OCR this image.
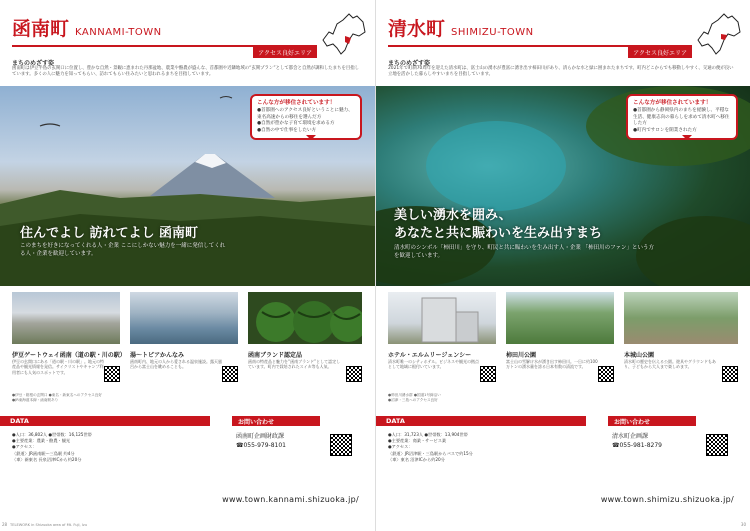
函南町 KANNAMI-TOWN
アクセス良好エリア
まちのめざす姿
函南町は伊豆半島の玄関口に位置し、豊かな自然・景観に恵まれた丹那盆地、農業や酪農が盛んな、首都圏や近隣地域の“玄関プラン”として都会と自然が調和したまちを目指しています。多くの人に魅力を知ってもらい、訪れてもらい住みたいと思われるまちを目指しています。
住んでよし 訪れてよし 函南町
このまちを好きになってくれる人・企業 ここにしかない魅力を一緒に発信してくれる人・企業を歓迎しています。
こんな方が移住されています！
●首都圏へのアクセス良好ということに魅力、東名高速からの移住を選んだ方
●自然が豊かな子育て環境を求める方
●自然の中で仕事をしたい方
伊豆ゲートウェイ函南（道の駅・川の駅）
伊豆の玄関口にある「道の駅・川の駅」。地元の特産品や観光情報を発信。サイクリストやキャンプ利用者にも人気のスポットです。
湯～トピアかんなみ
函南町内、地元の人から愛される温泉施設。露天風呂から富士山を眺めることも。
函南ブランド認定品
函南の特産品と魅力を“函南ブランド”として認定しています。町内で栽培されたスイカ等も人気。
●伊豆・箱根の玄関口 ●東名・新東名へのアクセス良好
●JR東海道本線・函南駅あり
DATA
●人口：36,802人 ●世帯数：16,125世帯
●主要産業：農業・酪農・観光
●アクセス：
〈鉄道〉JR函南駅〜三島駅 約4分
〈車〉新東名 長泉沼津ICから約20分
お問い合わせ
函南町企画財政課
☎055-979-8101
www.town.kannami.shizuoka.jp/
TELEWORK in Shizuoka area of Mt. Fuji, Izu
28
清水町 SHIMIZU-TOWN
アクセス良好エリア
まちのめざす姿
2021年で町制70周年を迎えた清水町は、富士山の湧水が豊富に湧き出す柿田川があり、清らかな水と緑に囲まれたまちです。町内どこからでも移動しやすく、交通の便が良い立地を活かした暮らしやすいまちを目指しています。
美しい湧水を囲み、
あなたと共に賑わいを生み出すまち
清水町のシンボル「柿田川」を守り、町民と共に賑わいを生み出す人・企業 「柿田川のファン」という方を歓迎しています。
こんな方が移住されています！
●首都圏から静岡県内のまちを経験し、平穏な生活、健康志向の暮らしを求めて清水町へ移住した方
●町内でサロンを開業された方
ホテル・エルムリージェンシー
清水町唯一のシティホテル。ビジネスや観光の拠点として地域に根付いています。
柿田川公園
富士山の雪解け水が湧き出す柿田川。一日に約100万トンの湧水量を誇る日本有数の清流です。
本城山公園
清水町の歴史を伝える公園。遊具やグラウンドもあり、子どもから大人まで楽しめます。
●柿田川湧水群 ●国道1号線沿い
●沼津・三島へのアクセス良好
DATA
●人口：31,723人 ●世帯数：13,904世帯
●主要産業：商業・サービス業
●アクセス：
〈鉄道〉JR沼津駅・三島駅からバスで約15分
〈車〉東名 沼津ICから約20分
お問い合わせ
清水町企画課
☎055-981-8279
www.town.shimizu.shizuoka.jp/
30
